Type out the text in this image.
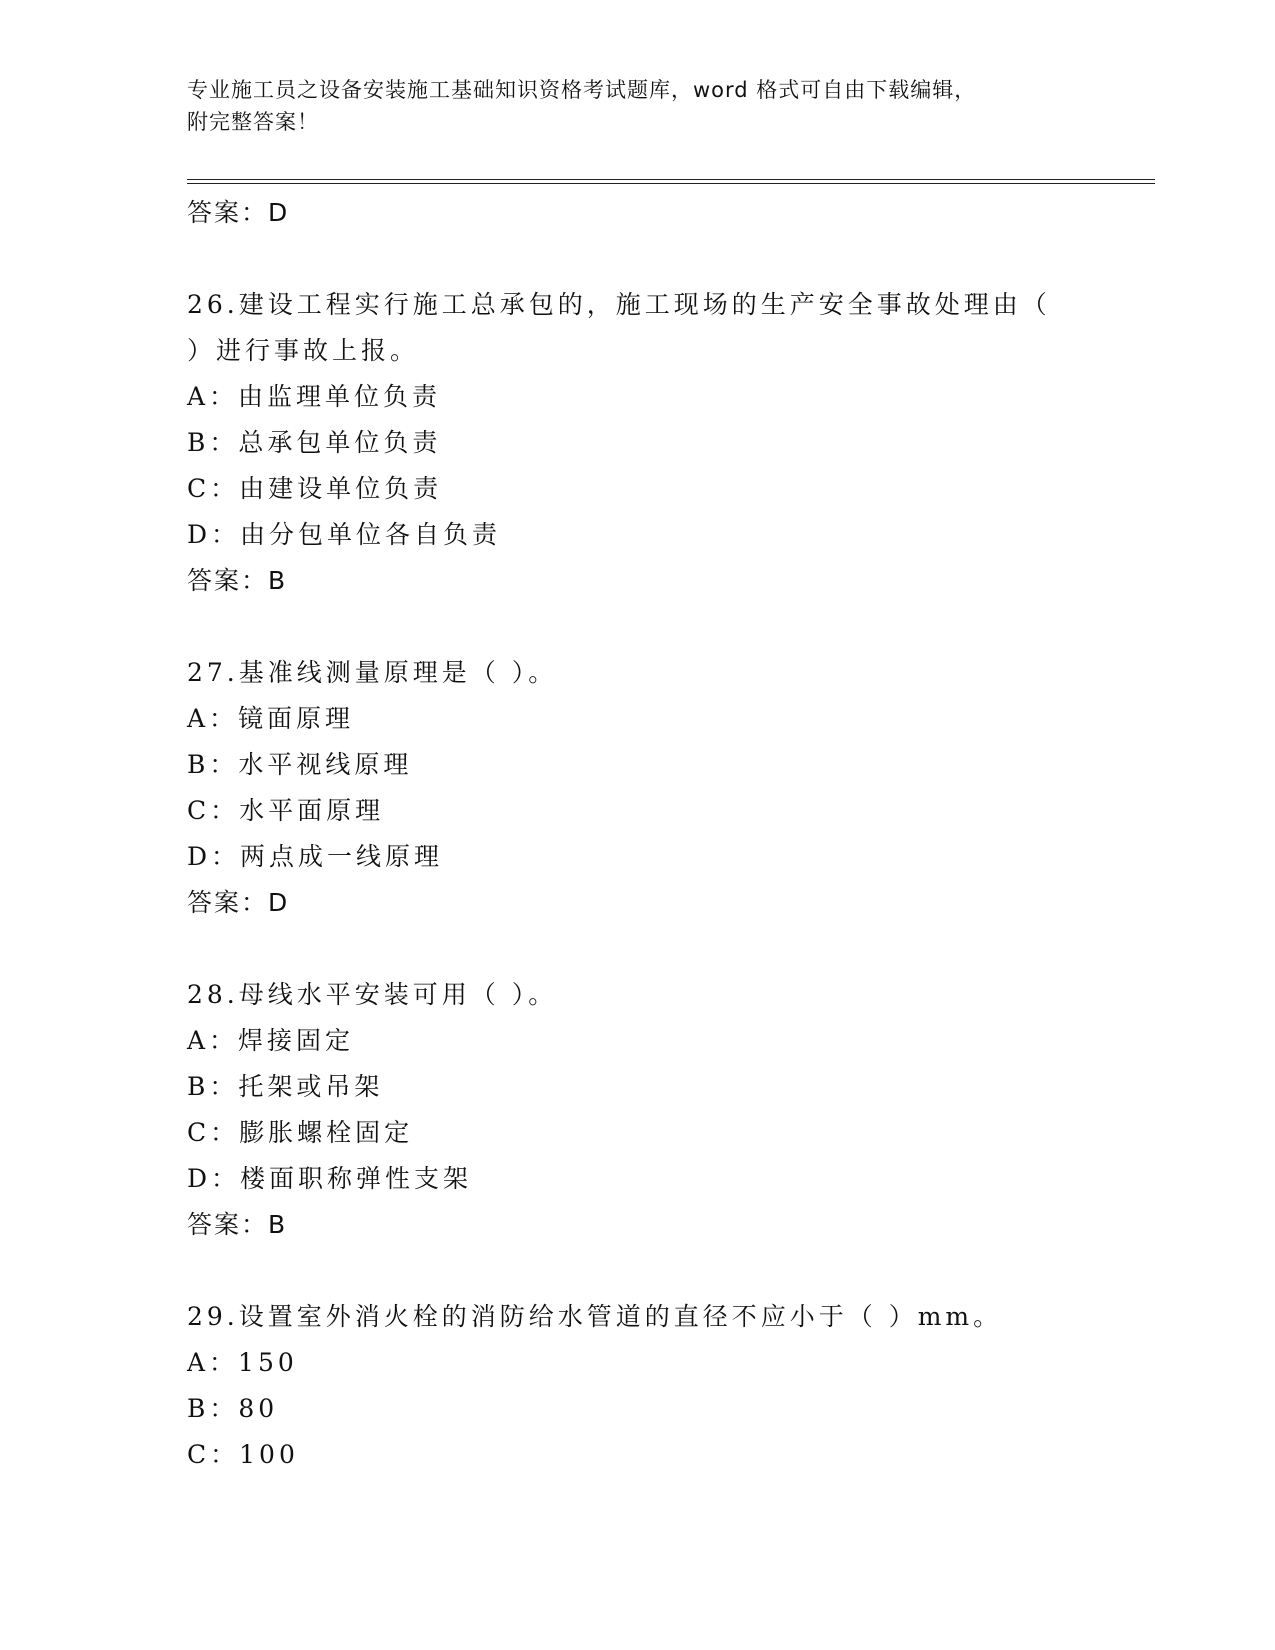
专业施工员之设备安装施工基础知识资格考试题库，word 格式可自由下载编辑，
附完整答案！
答案：D
26.建设工程实行施工总承包的，施工现场的生产安全事故处理由（
）进行事故上报。
A：由监理单位负责
B：总承包单位负责
C：由建设单位负责
D：由分包单位各自负责
答案：B
27.基准线测量原理是（ ）。
A：镜面原理
B：水平视线原理
C：水平面原理
D：两点成一线原理
答案：D
28.母线水平安装可用（ ）。
A：焊接固定
B：托架或吊架
C：膨胀螺栓固定
D：楼面职称弹性支架
答案：B
29.设置室外消火栓的消防给水管道的直径不应小于（ ）mm。
A：150
B：80
C：100
